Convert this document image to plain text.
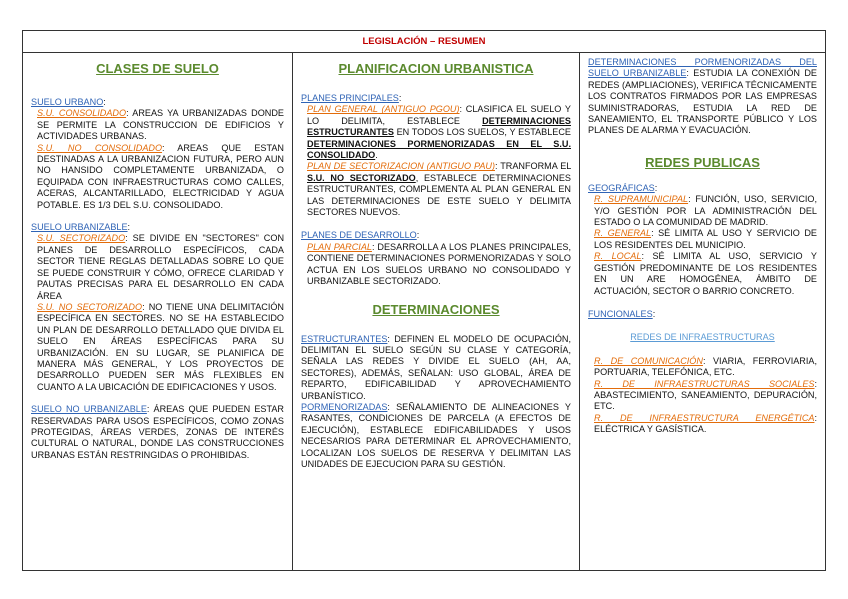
LEGISLACIÓN – RESUMEN

CLASES DE SUELO

SUELO URBANO:

S.U. CONSOLIDADO: AREAS YA URBANIZADAS DONDE SE PERMITE LA CONSTRUCCION DE EDIFICIOS Y ACTIVIDADES URBANAS.

S.U. NO CONSOLIDADO: AREAS QUE ESTAN DESTINADAS A LA URBANIZACION FUTURA, PERO AUN NO HANSIDO COMPLETAMENTE URBANIZADA, O EQUIPADA CON INFRAESTRUCTURAS COMO CALLES, ACERAS, ALCANTARILLADO, ELECTRICIDAD Y AGUA POTABLE. ES 1/3 DEL S.U. CONSOLIDADO.

SUELO URBANIZABLE:

S.U. SECTORIZADO: SE DIVIDE EN "SECTORES" CON PLANES DE DESARROLLO ESPECÍFICOS, CADA SECTOR TIENE REGLAS DETALLADAS SOBRE LO QUE SE PUEDE CONSTRUIR Y CÓMO, OFRECE CLARIDAD Y PAUTAS PRECISAS PARA EL DESARROLLO EN CADA ÁREA

S.U. NO SECTORIZADO: NO TIENE UNA DELIMITACIÓN ESPECÍFICA EN SECTORES. NO SE HA ESTABLECIDO UN PLAN DE DESARROLLO DETALLADO QUE DIVIDA EL SUELO EN ÁREAS ESPECÍFICAS PARA SU URBANIZACIÓN. EN SU LUGAR, SE PLANIFICA DE MANERA MÁS GENERAL, Y LOS PROYECTOS DE DESARROLLO PUEDEN SER MÁS FLEXIBLES EN CUANTO A LA UBICACIÓN DE EDIFICACIONES Y USOS.

SUELO NO URBANIZABLE: ÁREAS QUE PUEDEN ESTAR RESERVADAS PARA USOS ESPECÍFICOS, COMO ZONAS PROTEGIDAS, ÁREAS VERDES, ZONAS DE INTERÉS CULTURAL O NATURAL, DONDE LAS CONSTRUCCIONES URBANAS ESTÁN RESTRINGIDAS O PROHIBIDAS.

PLANIFICACION URBANISTICA

PLANES PRINCIPALES:

PLAN GENERAL (ANTIGUO PGOU): CLASIFICA EL SUELO Y LO DELIMITA, ESTABLECE DETERMINACIONES ESTRUCTURANTES EN TODOS LOS SUELOS, Y ESTABLECE DETERMINACIONES PORMENORIZADAS EN EL S.U. CONSOLIDADO.

PLAN DE SECTORIZACION (ANTIGUO PAU): TRANFORMA EL S.U. NO SECTORIZADO, ESTABLECE DETERMINACIONES ESTRUCTURANTES, COMPLEMENTA AL PLAN GENERAL EN LAS DETERMINACIONES DE ESTE SUELO Y DELIMITA SECTORES NUEVOS.

PLANES DE DESARROLLO:

PLAN PARCIAL: DESARROLLA A LOS PLANES PRINCIPALES, CONTIENE DETERMINACIONES PORMENORIZADAS Y SOLO ACTUA EN LOS SUELOS URBANO NO CONSOLIDADO Y URBANIZABLE SECTORIZADO.

DETERMINACIONES

ESTRUCTURANTES: DEFINEN EL MODELO DE OCUPACIÓN, DELIMITAN EL SUELO SEGÚN SU CLASE Y CATEGORÍA, SEÑALA LAS REDES Y DIVIDE EL SUELO (AH, AA, SECTORES), ADEMÁS, SEÑALAN: USO GLOBAL, ÁREA DE REPARTO, EDIFICABILIDAD Y APROVECHAMIENTO URBANÍSTICO.

PORMENORIZADAS: SEÑALAMIENTO DE ALINEACIONES Y RASANTES, CONDICIONES DE PARCELA (A EFECTOS DE EJECUCIÓN), ESTABLECE EDIFICABILIDADES Y USOS NECESARIOS PARA DETERMINAR EL APROVECHAMIENTO, LOCALIZAN LOS SUELOS DE RESERVA Y DELIMITAN LAS UNIDADES DE EJECUCION PARA SU GESTIÓN.

DETERMINACIONES PORMENORIZADAS DEL SUELO URBANIZABLE: ESTUDIA LA CONEXIÓN DE REDES (AMPLIACIONES), VERIFICA TÉCNICAMENTE LOS CONTRATOS FIRMADOS POR LAS EMPRESAS SUMINISTRADORAS, ESTUDIA LA RED DE SANEAMIENTO, EL TRANSPORTE PÚBLICO Y LOS PLANES DE ALARMA Y EVACUACIÓN.

REDES PUBLICAS

GEOGRÁFICAS:

R. SUPRAMUNICIPAL: FUNCIÓN, USO, SERVICIO, Y/O GESTIÓN POR LA ADMINISTRACIÓN DEL ESTADO O LA COMUNIDAD DE MADRID.

R. GENERAL: SÉ LIMITA AL USO Y SERVICIO DE LOS RESIDENTES DEL MUNICIPIO.

R. LOCAL: SÉ LIMITA AL USO, SERVICIO Y GESTIÓN PREDOMINANTE DE LOS RESIDENTES EN UN ARE HOMOGÉNEA, ÁMBITO DE ACTUACIÓN, SECTOR O BARRIO CONCRETO.

FUNCIONALES:

REDES DE INFRAESTRUCTURAS

R. DE COMUNICACIÓN: VIARIA, FERROVIARIA, PORTUARIA, TELEFÓNICA, ETC.

R. DE INFRAESTRUCTURAS SOCIALES: ABASTECIMIENTO, SANEAMIENTO, DEPURACIÓN, ETC.

R. DE INFRAESTRUCTURA ENERGÉTICA: ELÉCTRICA Y GASÍSTICA.
